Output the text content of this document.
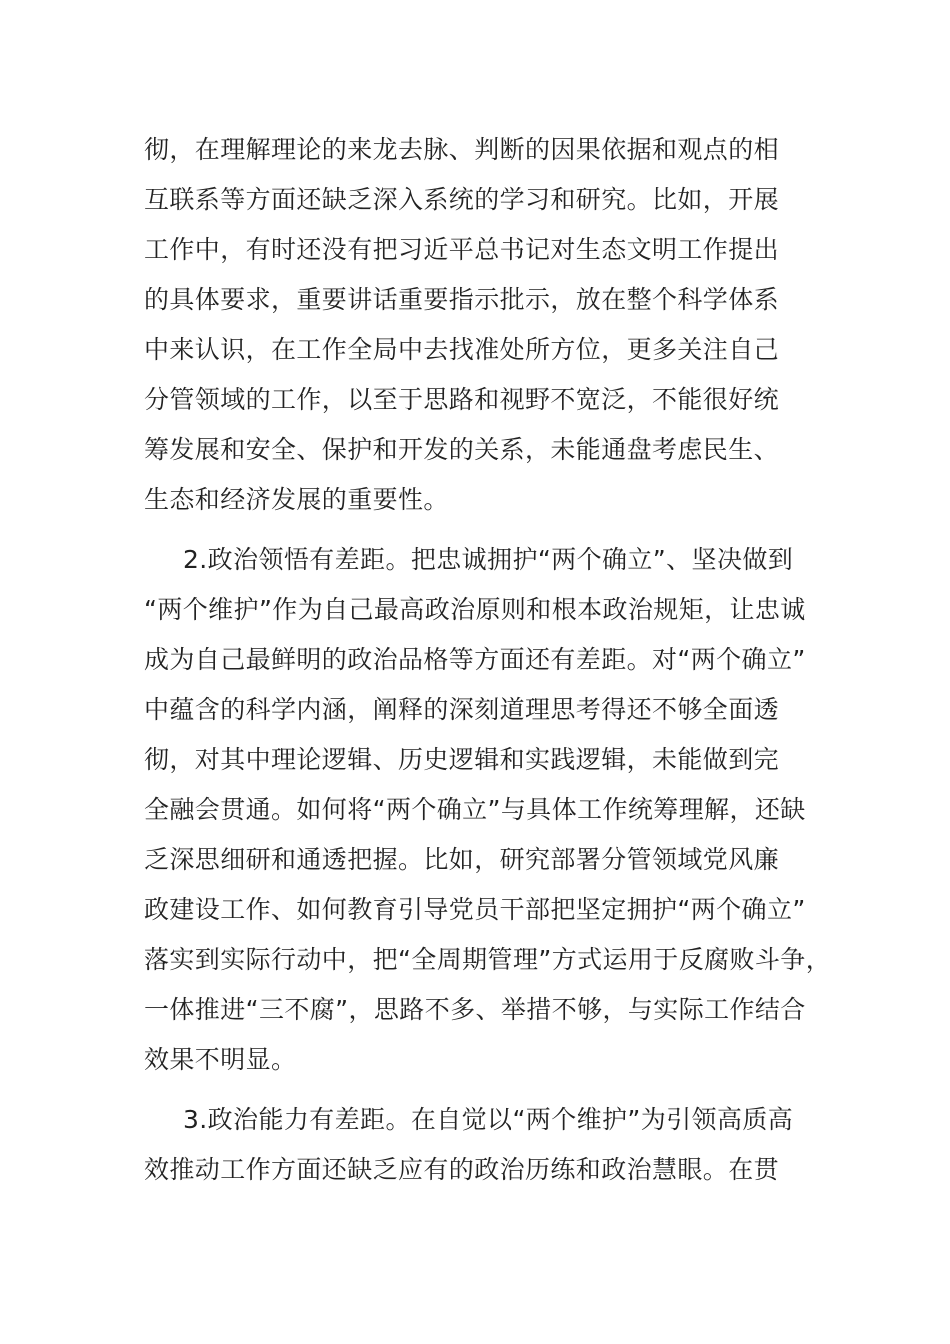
彻，在理解理论的来龙去脉、判断的因果依据和观点的相
互联系等方面还缺乏深入系统的学习和研究。比如，开展
工作中，有时还没有把习近平总书记对生态文明工作提出
的具体要求，重要讲话重要指示批示，放在整个科学体系
中来认识，在工作全局中去找准处所方位，更多关注自己
分管领域的工作，以至于思路和视野不宽泛，不能很好统
筹发展和安全、保护和开发的关系，未能通盘考虑民生、
生态和经济发展的重要性。
2.政治领悟有差距。把忠诚拥护“两个确立”、坚决做到
“两个维护”作为自己最高政治原则和根本政治规矩，让忠诚
成为自己最鲜明的政治品格等方面还有差距。对“两个确立”
中蕴含的科学内涵，阐释的深刻道理思考得还不够全面透
彻，对其中理论逻辑、历史逻辑和实践逻辑，未能做到完
全融会贯通。如何将“两个确立”与具体工作统筹理解，还缺
乏深思细研和通透把握。比如，研究部署分管领域党风廉
政建设工作、如何教育引导党员干部把坚定拥护“两个确立”
落实到实际行动中，把“全周期管理”方式运用于反腐败斗争，
一体推进“三不腐”，思路不多、举措不够，与实际工作结合
效果不明显。
3.政治能力有差距。在自觉以“两个维护”为引领高质高
效推动工作方面还缺乏应有的政治历练和政治慧眼。在贯
